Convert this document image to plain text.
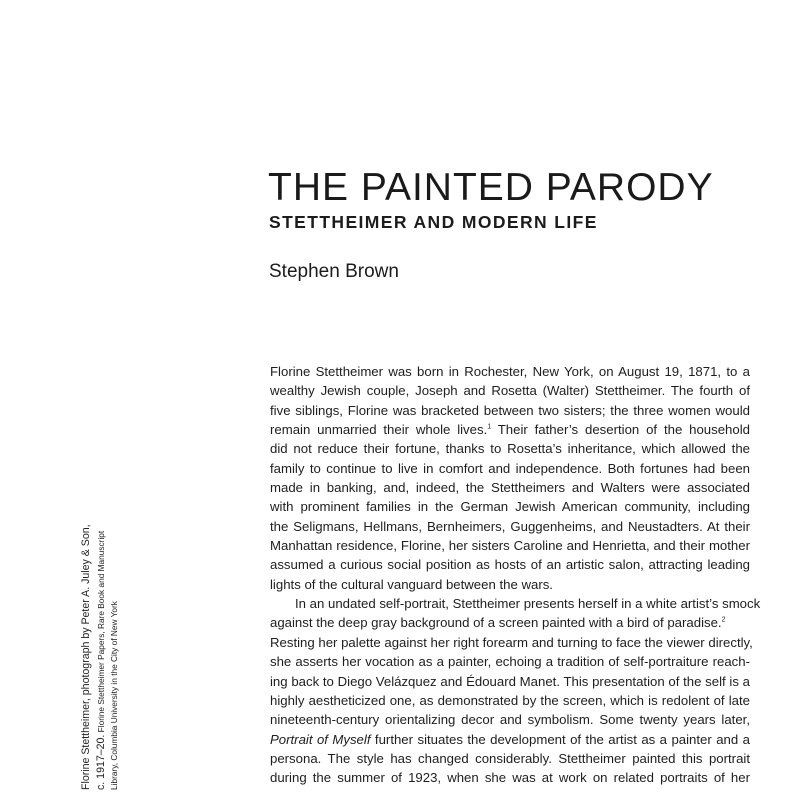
THE PAINTED PARODY
STETTHEIMER AND MODERN LIFE

Stephen Brown

Florine Stettheimer was born in Rochester, New York, on August 19, 1871, to a
wealthy Jewish couple, Joseph and Rosetta (Walter) Stettheimer. The fourth of
five siblings, Florine was bracketed between two sisters; the three women would
remain unmarried their whole lives.$^1$ Their father’s desertion of the household
did not reduce their fortune, thanks to Rosetta’s inheritance, which allowed the
family to continue to live in comfort and independence. Both fortunes had been
made in banking, and, indeed, the Stettheimers and Walters were associated
with prominent families in the German Jewish American community, including
the Seligmans, Hellmans, Bernheimers, Guggenheims, and Neustadters. At their
Manhattan residence, Florine, her sisters Caroline and Henrietta, and their mother
assumed a curious social position as hosts of an artistic salon, attracting leading
lights of the cultural vanguard between the wars.
In an undated self-portrait, Stettheimer presents herself in a white artist’s smock
against the deep gray background of a screen painted with a bird of paradise.$^2$
Resting her palette against her right forearm and turning to face the viewer directly,
she asserts her vocation as a painter, echoing a tradition of self-portraiture reach-
ing back to Diego Velázquez and Édouard Manet. This presentation of the self is a
highly aestheticized one, as demonstrated by the screen, which is redolent of late
nineteenth-century orientalizing decor and symbolism. Some twenty years later,
Portrait of Myself further situates the development of the artist as a painter and a
persona. The style has changed considerably. Stettheimer painted this portrait
during the summer of 1923, when she was at work on related portraits of her
Florine Stettheimer, photograph by Peter A. Juley & Son, c. 1917–20. Florine Stettheimer Papers, Rare Book and Manuscript Library, Columbia University in the City of New York
